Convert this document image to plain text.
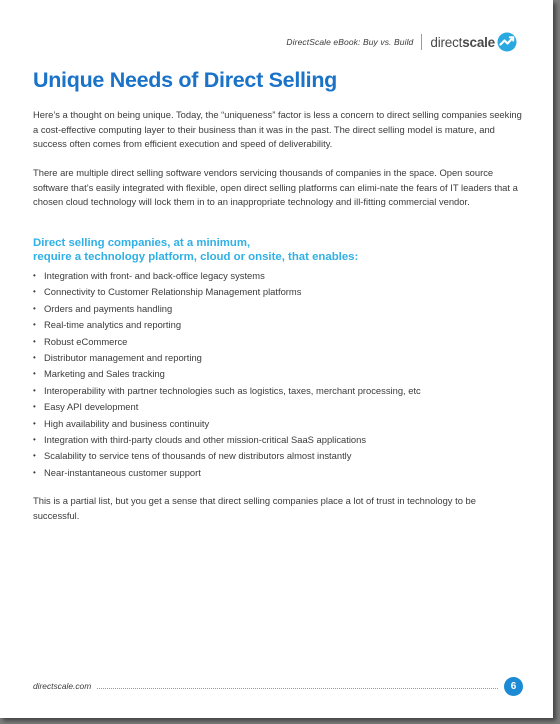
DirectScale eBook: Buy vs. Build direct scale
Unique Needs of Direct Selling

Here’s a thought on being unique. Today, the “uniqueness” factor is less a concern to direct selling companies seeking a cost-effective computing layer to their business than it was in the past. The direct selling model is mature, and success often comes from efficient execution and speed of deliverability.

There are multiple direct selling software vendors servicing thousands of companies in the space. Open source software that’s easily integrated with flexible, open direct selling platforms can elimi-nate the fears of IT leaders that a chosen cloud technology will lock them in to an inappropriate technology and ill-fitting commercial vendor.

Direct selling companies, at a minimum,
require a technology platform, cloud or onsite, that enables:
• Integration with front- and back-office legacy systems
• Connectivity to Customer Relationship Management platforms
• Orders and payments handling
• Real-time analytics and reporting
• Robust eCommerce
• Distributor management and reporting
• Marketing and Sales tracking
• Interoperability with partner technologies such as logistics, taxes, merchant processing, etc
• Easy API development
• High availability and business continuity
• Integration with third-party clouds and other mission-critical SaaS applications
• Scalability to service tens of thousands of new distributors almost instantly
• Near-instantaneous customer support

This is a partial list, but you get a sense that direct selling companies place a lot of trust in technology to be successful.

directscale.com	6
